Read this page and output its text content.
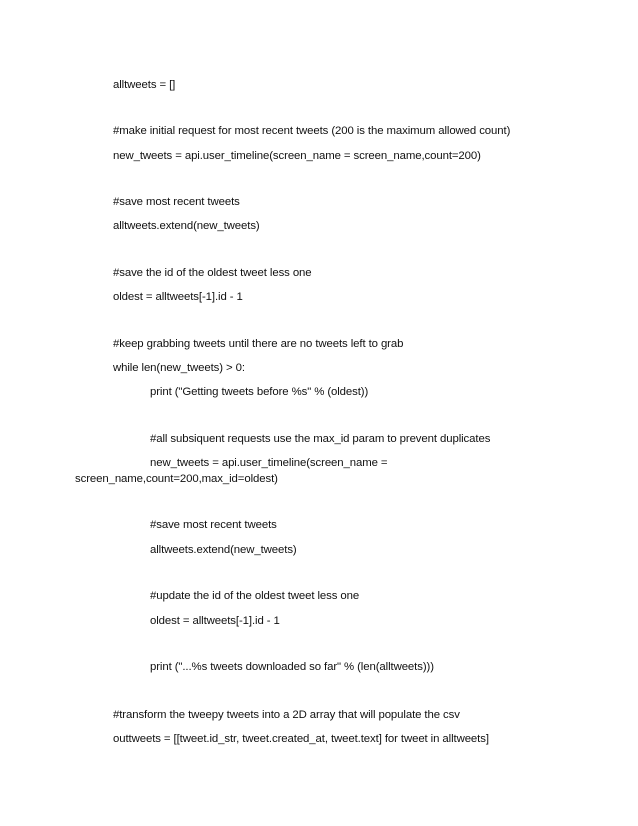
alltweets = []
#make initial request for most recent tweets (200 is the maximum allowed count)
new_tweets = api.user_timeline(screen_name = screen_name,count=200)
#save most recent tweets
alltweets.extend(new_tweets)
#save the id of the oldest tweet less one
oldest = alltweets[-1].id - 1
#keep grabbing tweets until there are no tweets left to grab
while len(new_tweets) > 0:
print ("Getting tweets before %s" % (oldest))
#all subsiquent requests use the max_id param to prevent duplicates
new_tweets = api.user_timeline(screen_name =
screen_name,count=200,max_id=oldest)
#save most recent tweets
alltweets.extend(new_tweets)
#update the id of the oldest tweet less one
oldest = alltweets[-1].id - 1
print ("...%s tweets downloaded so far" % (len(alltweets)))
#transform the tweepy tweets into a 2D array that will populate the csv
outtweets = [[tweet.id_str, tweet.created_at, tweet.text] for tweet in alltweets]
